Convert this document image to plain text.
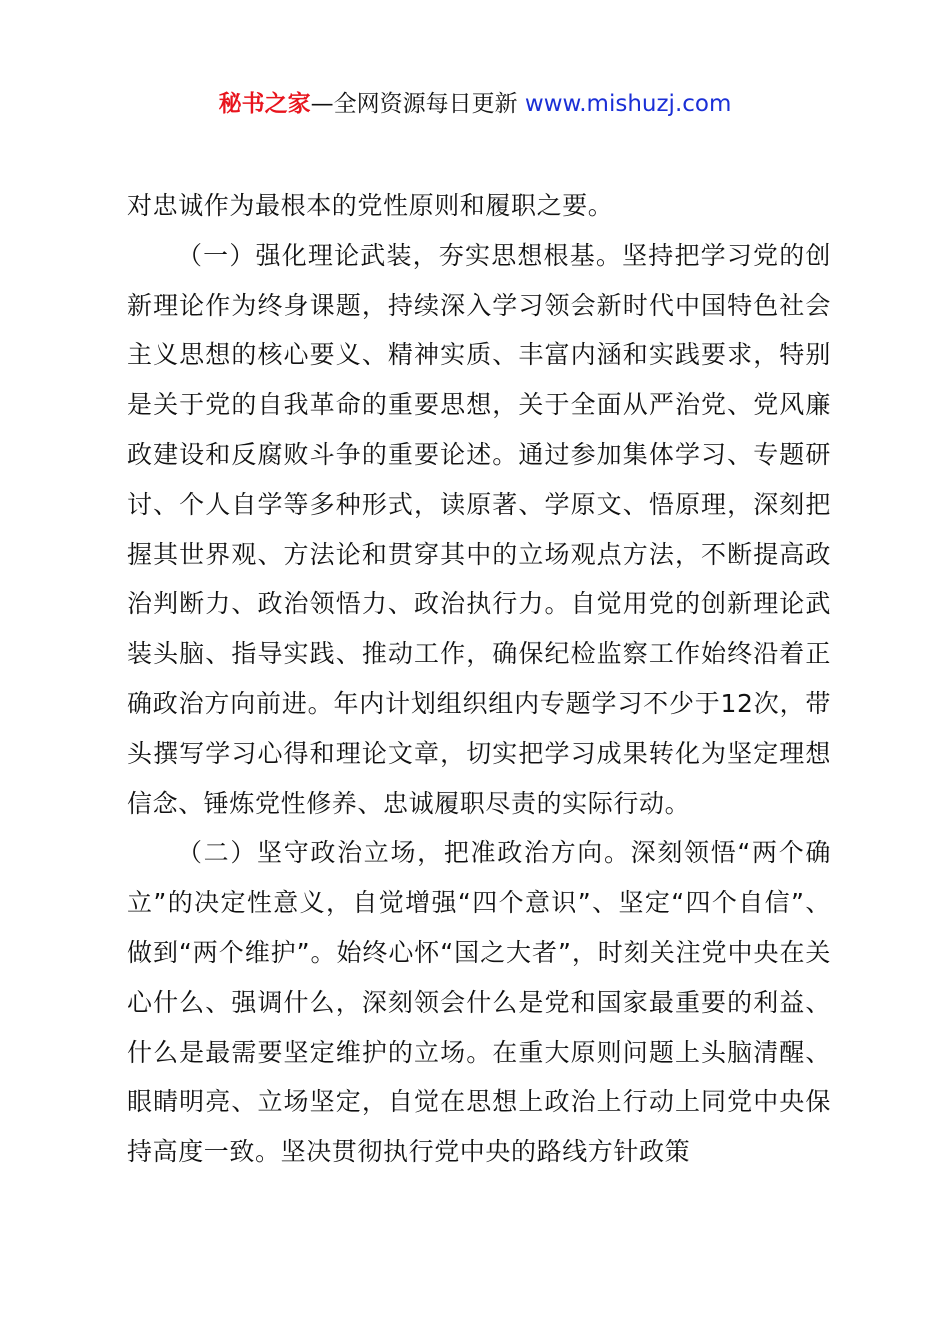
秘书之家—全网资源每日更新 www.mishuzj.com

对忠诚作为最根本的党性原则和履职之要。

（一）强化理论武装，夯实思想根基。坚持把学习党的创新理论作为终身课题，持续深入学习领会新时代中国特色社会主义思想的核心要义、精神实质、丰富内涵和实践要求，特别是关于党的自我革命的重要思想，关于全面从严治党、党风廉政建设和反腐败斗争的重要论述。通过参加集体学习、专题研讨、个人自学等多种形式，读原著、学原文、悟原理，深刻把握其世界观、方法论和贯穿其中的立场观点方法，不断提高政治判断力、政治领悟力、政治执行力。自觉用党的创新理论武装头脑、指导实践、推动工作，确保纪检监察工作始终沿着正确政治方向前进。年内计划组织组内专题学习不少于12次，带头撰写学习心得和理论文章，切实把学习成果转化为坚定理想信念、锤炼党性修养、忠诚履职尽责的实际行动。

（二）坚守政治立场，把准政治方向。深刻领悟“两个确立”的决定性意义，自觉增强“四个意识”、坚定“四个自信”、做到“两个维护”。始终心怀“国之大者”，时刻关注党中央在关心什么、强调什么，深刻领会什么是党和国家最重要的利益、什么是最需要坚定维护的立场。在重大原则问题上头脑清醒、眼睛明亮、立场坚定，自觉在思想上政治上行动上同党中央保持高度一致。坚决贯彻执行党中央的路线方针政策
